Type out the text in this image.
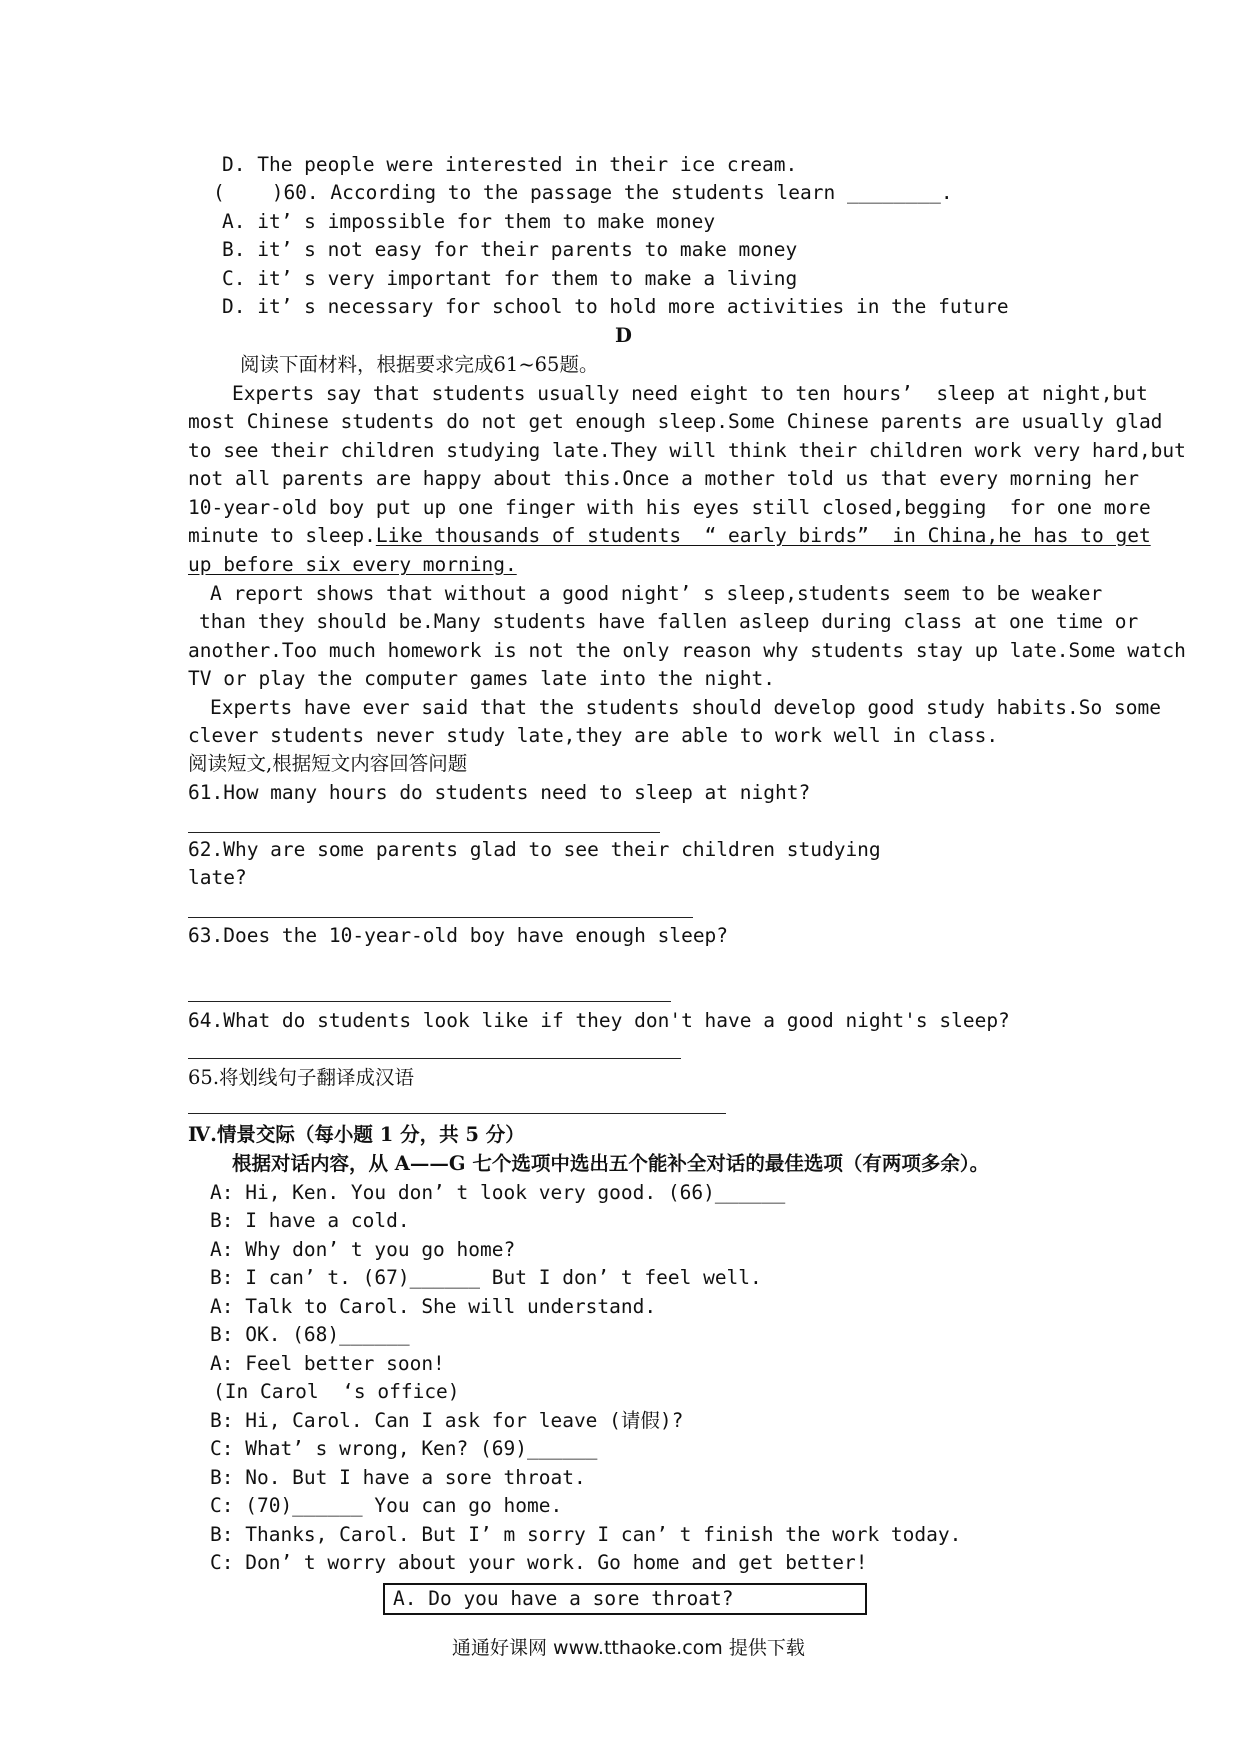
D. The people were interested in their ice cream.
(    )60. According to the passage the students learn ________.
A. it’ s impossible for them to make money
B. it’ s not easy for their parents to make money
C. it’ s very important for them to make a living
D. it’ s necessary for school to hold more activities in the future
D
阅读下面材料，根据要求完成61~65题。
Experts say that students usually need eight to ten hours’  sleep at night,but
most Chinese students do not get enough sleep.Some Chinese parents are usually glad
to see their children studying late.They will think their children work very hard,but
not all parents are happy about this.Once a mother told us that every morning her
10-year-old boy put up one finger with his eyes still closed,begging  for one more
minute to sleep.Like thousands of students  “ early birds”  in China,he has to get
up before six every morning.
A report shows that without a good night’ s sleep,students seem to be weaker
than they should be.Many students have fallen asleep during class at one time or
another.Too much homework is not the only reason why students stay up late.Some watch
TV or play the computer games late into the night.
Experts have ever said that the students should develop good study habits.So some
clever students never study late,they are able to work well in class.
阅读短文,根据短文内容回答问题
61.How many hours do students need to sleep at night?
62.Why are some parents glad to see their children studying
late?
63.Does the 10-year-old boy have enough sleep?
64.What do students look like if they don't have a good night's sleep?
65.将划线句子翻译成汉语
Ⅳ.情景交际（每小题 1 分，共 5 分）
根据对话内容，从 A——G 七个选项中选出五个能补全对话的最佳选项（有两项多余）。
A: Hi, Ken. You don’ t look very good. (66)______
B: I have a cold.
A: Why don’ t you go home?
B: I can’ t. (67)______ But I don’ t feel well.
A: Talk to Carol. She will understand.
B: OK. (68)______
A: Feel better soon!
(In Carol  ‘s office)
B: Hi, Carol. Can I ask for leave (请假)?
C: What’ s wrong, Ken? (69)______
B: No. But I have a sore throat.
C: (70)______ You can go home.
B: Thanks, Carol. But I’ m sorry I can’ t finish the work today.
C: Don’ t worry about your work. Go home and get better!
A. Do you have a sore throat?
通通好课网 www.tthaoke.com 提供下载
